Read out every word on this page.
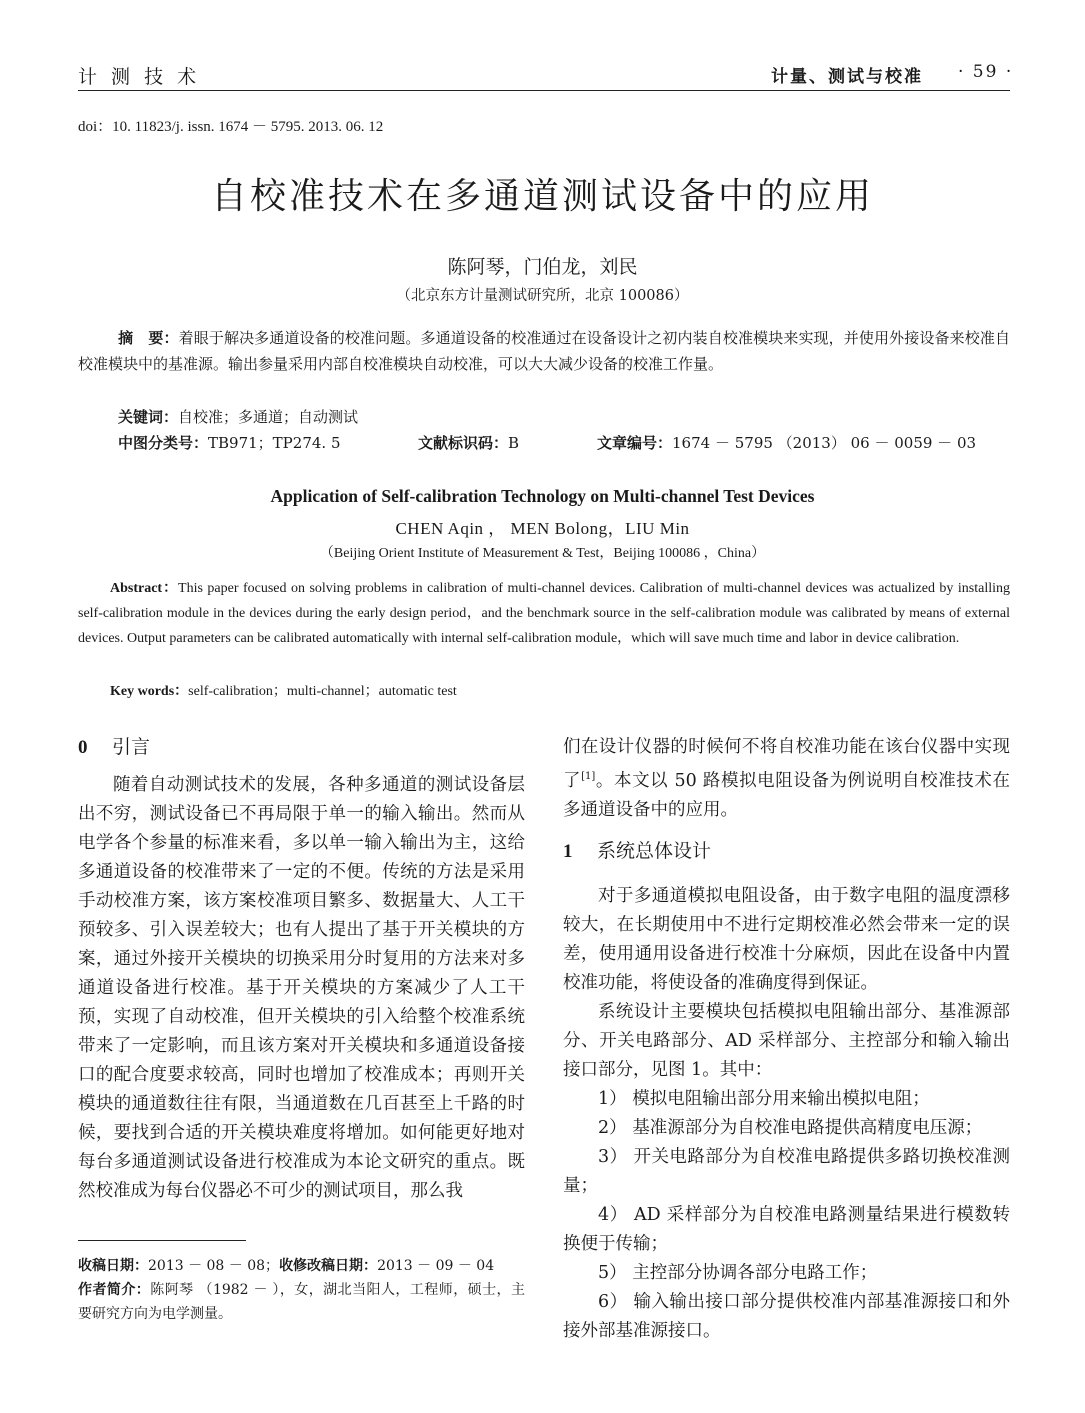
计 测 技 术	计量、测试与校准 · 59 ·
doi：10. 11823/j. issn. 1674 － 5795. 2013. 06. 12
自校准技术在多通道测试设备中的应用
陈阿琴，门伯龙，刘民
（北京东方计量测试研究所，北京 100086）
摘　要：着眼于解决多通道设备的校准问题。多通道设备的校准通过在设备设计之初内装自校准模块来实现，并使用外接设备来校准自校准模块中的基准源。输出参量采用内部自校准模块自动校准，可以大大减少设备的校准工作量。
关键词：自校准；多通道；自动测试
中图分类号：TB971；TP274. 5	文献标识码：B	文章编号：1674 － 5795 （2013） 06 － 0059 － 03
Application of Self-calibration Technology on Multi-channel Test Devices
CHEN Aqin ， MEN Bolong，LIU Min
（Beijing Orient Institute of Measurement & Test，Beijing 100086 ，China）
Abstract：This paper focused on solving problems in calibration of multi-channel devices. Calibration of multi-channel devices was actualized by installing self-calibration module in the devices during the early design period，and the benchmark source in the self-calibration module was calibrated by means of external devices. Output parameters can be calibrated automatically with internal self-calibration module，which will save much time and labor in device calibration.
Key words：self-calibration；multi-channel；automatic test
0 引言

随着自动测试技术的发展，各种多通道的测试设备层出不穷，测试设备已不再局限于单一的输入输出。然而从电学各个参量的标准来看，多以单一输入输出为主，这给多通道设备的校准带来了一定的不便。传统的方法是采用手动校准方案，该方案校准项目繁多、数据量大、人工干预较多、引入误差较大；也有人提出了基于开关模块的方案，通过外接开关模块的切换采用分时复用的方法来对多通道设备进行校准。基于开关模块的方案减少了人工干预，实现了自动校准，但开关模块的引入给整个校准系统带来了一定影响，而且该方案对开关模块和多通道设备接口的配合度要求较高，同时也增加了校准成本；再则开关模块的通道数往往有限，当通道数在几百甚至上千路的时候，要找到合适的开关模块难度将增加。如何能更好地对每台多通道测试设备进行校准成为本论文研究的重点。既然校准成为每台仪器必不可少的测试项目，那么我

收稿日期：2013 － 08 － 08；收修改稿日期：2013 － 09 － 04
作者简介：陈阿琴 （1982 － ），女，湖北当阳人，工程师，硕士，主要研究方向为电学测量。

们在设计仪器的时候何不将自校准功能在该台仪器中实现了[1]。本文以 50 路模拟电阻设备为例说明自校准技术在多通道设备中的应用。

1 系统总体设计

对于多通道模拟电阻设备，由于数字电阻的温度漂移较大，在长期使用中不进行定期校准必然会带来一定的误差，使用通用设备进行校准十分麻烦，因此在设备中内置校准功能，将使设备的准确度得到保证。

系统设计主要模块包括模拟电阻输出部分、基准源部分、开关电路部分、AD 采样部分、主控部分和输入输出接口部分，见图 1。其中：

1） 模拟电阻输出部分用来输出模拟电阻；

2） 基准源部分为自校准电路提供高精度电压源；

3） 开关电路部分为自校准电路提供多路切换校准测量；

4） AD 采样部分为自校准电路测量结果进行模数转换便于传输；

5） 主控部分协调各部分电路工作；

6） 输入输出接口部分提供校准内部基准源接口和外接外部基准源接口。
